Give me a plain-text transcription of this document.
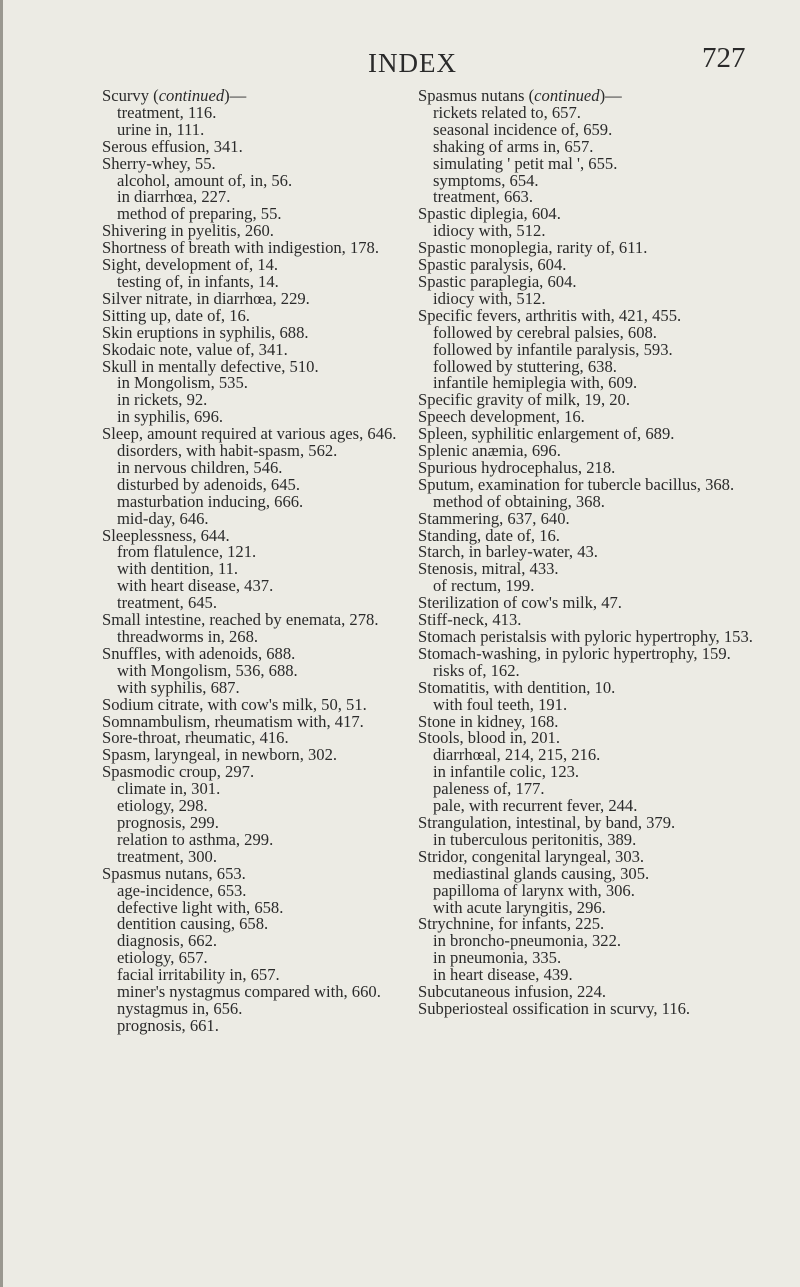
INDEX	727
Scurvy (continued)—
treatment, 116.
urine in, 111.
Serous effusion, 341.
Sherry-whey, 55.
alcohol, amount of, in, 56.
in diarrhœa, 227.
method of preparing, 55.
Shivering in pyelitis, 260.
Shortness of breath with indigestion, 178.
Sight, development of, 14.
testing of, in infants, 14.
Silver nitrate, in diarrhœa, 229.
Sitting up, date of, 16.
Skin eruptions in syphilis, 688.
Skodaic note, value of, 341.
Skull in mentally defective, 510.
in Mongolism, 535.
in rickets, 92.
in syphilis, 696.
Sleep, amount required at various ages, 646.
disorders, with habit-spasm, 562.
in nervous children, 546.
disturbed by adenoids, 645.
masturbation inducing, 666.
mid-day, 646.
Sleeplessness, 644.
from flatulence, 121.
with dentition, 11.
with heart disease, 437.
treatment, 645.
Small intestine, reached by enemata, 278.
threadworms in, 268.
Snuffles, with adenoids, 688.
with Mongolism, 536, 688.
with syphilis, 687.
Sodium citrate, with cow's milk, 50, 51.
Somnambulism, rheumatism with, 417.
Sore-throat, rheumatic, 416.
Spasm, laryngeal, in newborn, 302.
Spasmodic croup, 297.
climate in, 301.
etiology, 298.
prognosis, 299.
relation to asthma, 299.
treatment, 300.
Spasmus nutans, 653.
age-incidence, 653.
defective light with, 658.
dentition causing, 658.
diagnosis, 662.
etiology, 657.
facial irritability in, 657.
miner's nystagmus compared with, 660.
nystagmus in, 656.
prognosis, 661.
Spasmus nutans (continued)—
rickets related to, 657.
seasonal incidence of, 659.
shaking of arms in, 657.
simulating ' petit mal ', 655.
symptoms, 654.
treatment, 663.
Spastic diplegia, 604.
idiocy with, 512.
Spastic monoplegia, rarity of, 611.
Spastic paralysis, 604.
Spastic paraplegia, 604.
idiocy with, 512.
Specific fevers, arthritis with, 421, 455.
followed by cerebral palsies, 608.
followed by infantile paralysis, 593.
followed by stuttering, 638.
infantile hemiplegia with, 609.
Specific gravity of milk, 19, 20.
Speech development, 16.
Spleen, syphilitic enlargement of, 689.
Splenic anæmia, 696.
Spurious hydrocephalus, 218.
Sputum, examination for tubercle bacillus, 368.
method of obtaining, 368.
Stammering, 637, 640.
Standing, date of, 16.
Starch, in barley-water, 43.
Stenosis, mitral, 433.
of rectum, 199.
Sterilization of cow's milk, 47.
Stiff-neck, 413.
Stomach peristalsis with pyloric hypertrophy, 153.
Stomach-washing, in pyloric hypertrophy, 159.
risks of, 162.
Stomatitis, with dentition, 10.
with foul teeth, 191.
Stone in kidney, 168.
Stools, blood in, 201.
diarrhœal, 214, 215, 216.
in infantile colic, 123.
paleness of, 177.
pale, with recurrent fever, 244.
Strangulation, intestinal, by band, 379.
in tuberculous peritonitis, 389.
Stridor, congenital laryngeal, 303.
mediastinal glands causing, 305.
papilloma of larynx with, 306.
with acute laryngitis, 296.
Strychnine, for infants, 225.
in broncho-pneumonia, 322.
in pneumonia, 335.
in heart disease, 439.
Subcutaneous infusion, 224.
Subperiosteal ossification in scurvy, 116.
